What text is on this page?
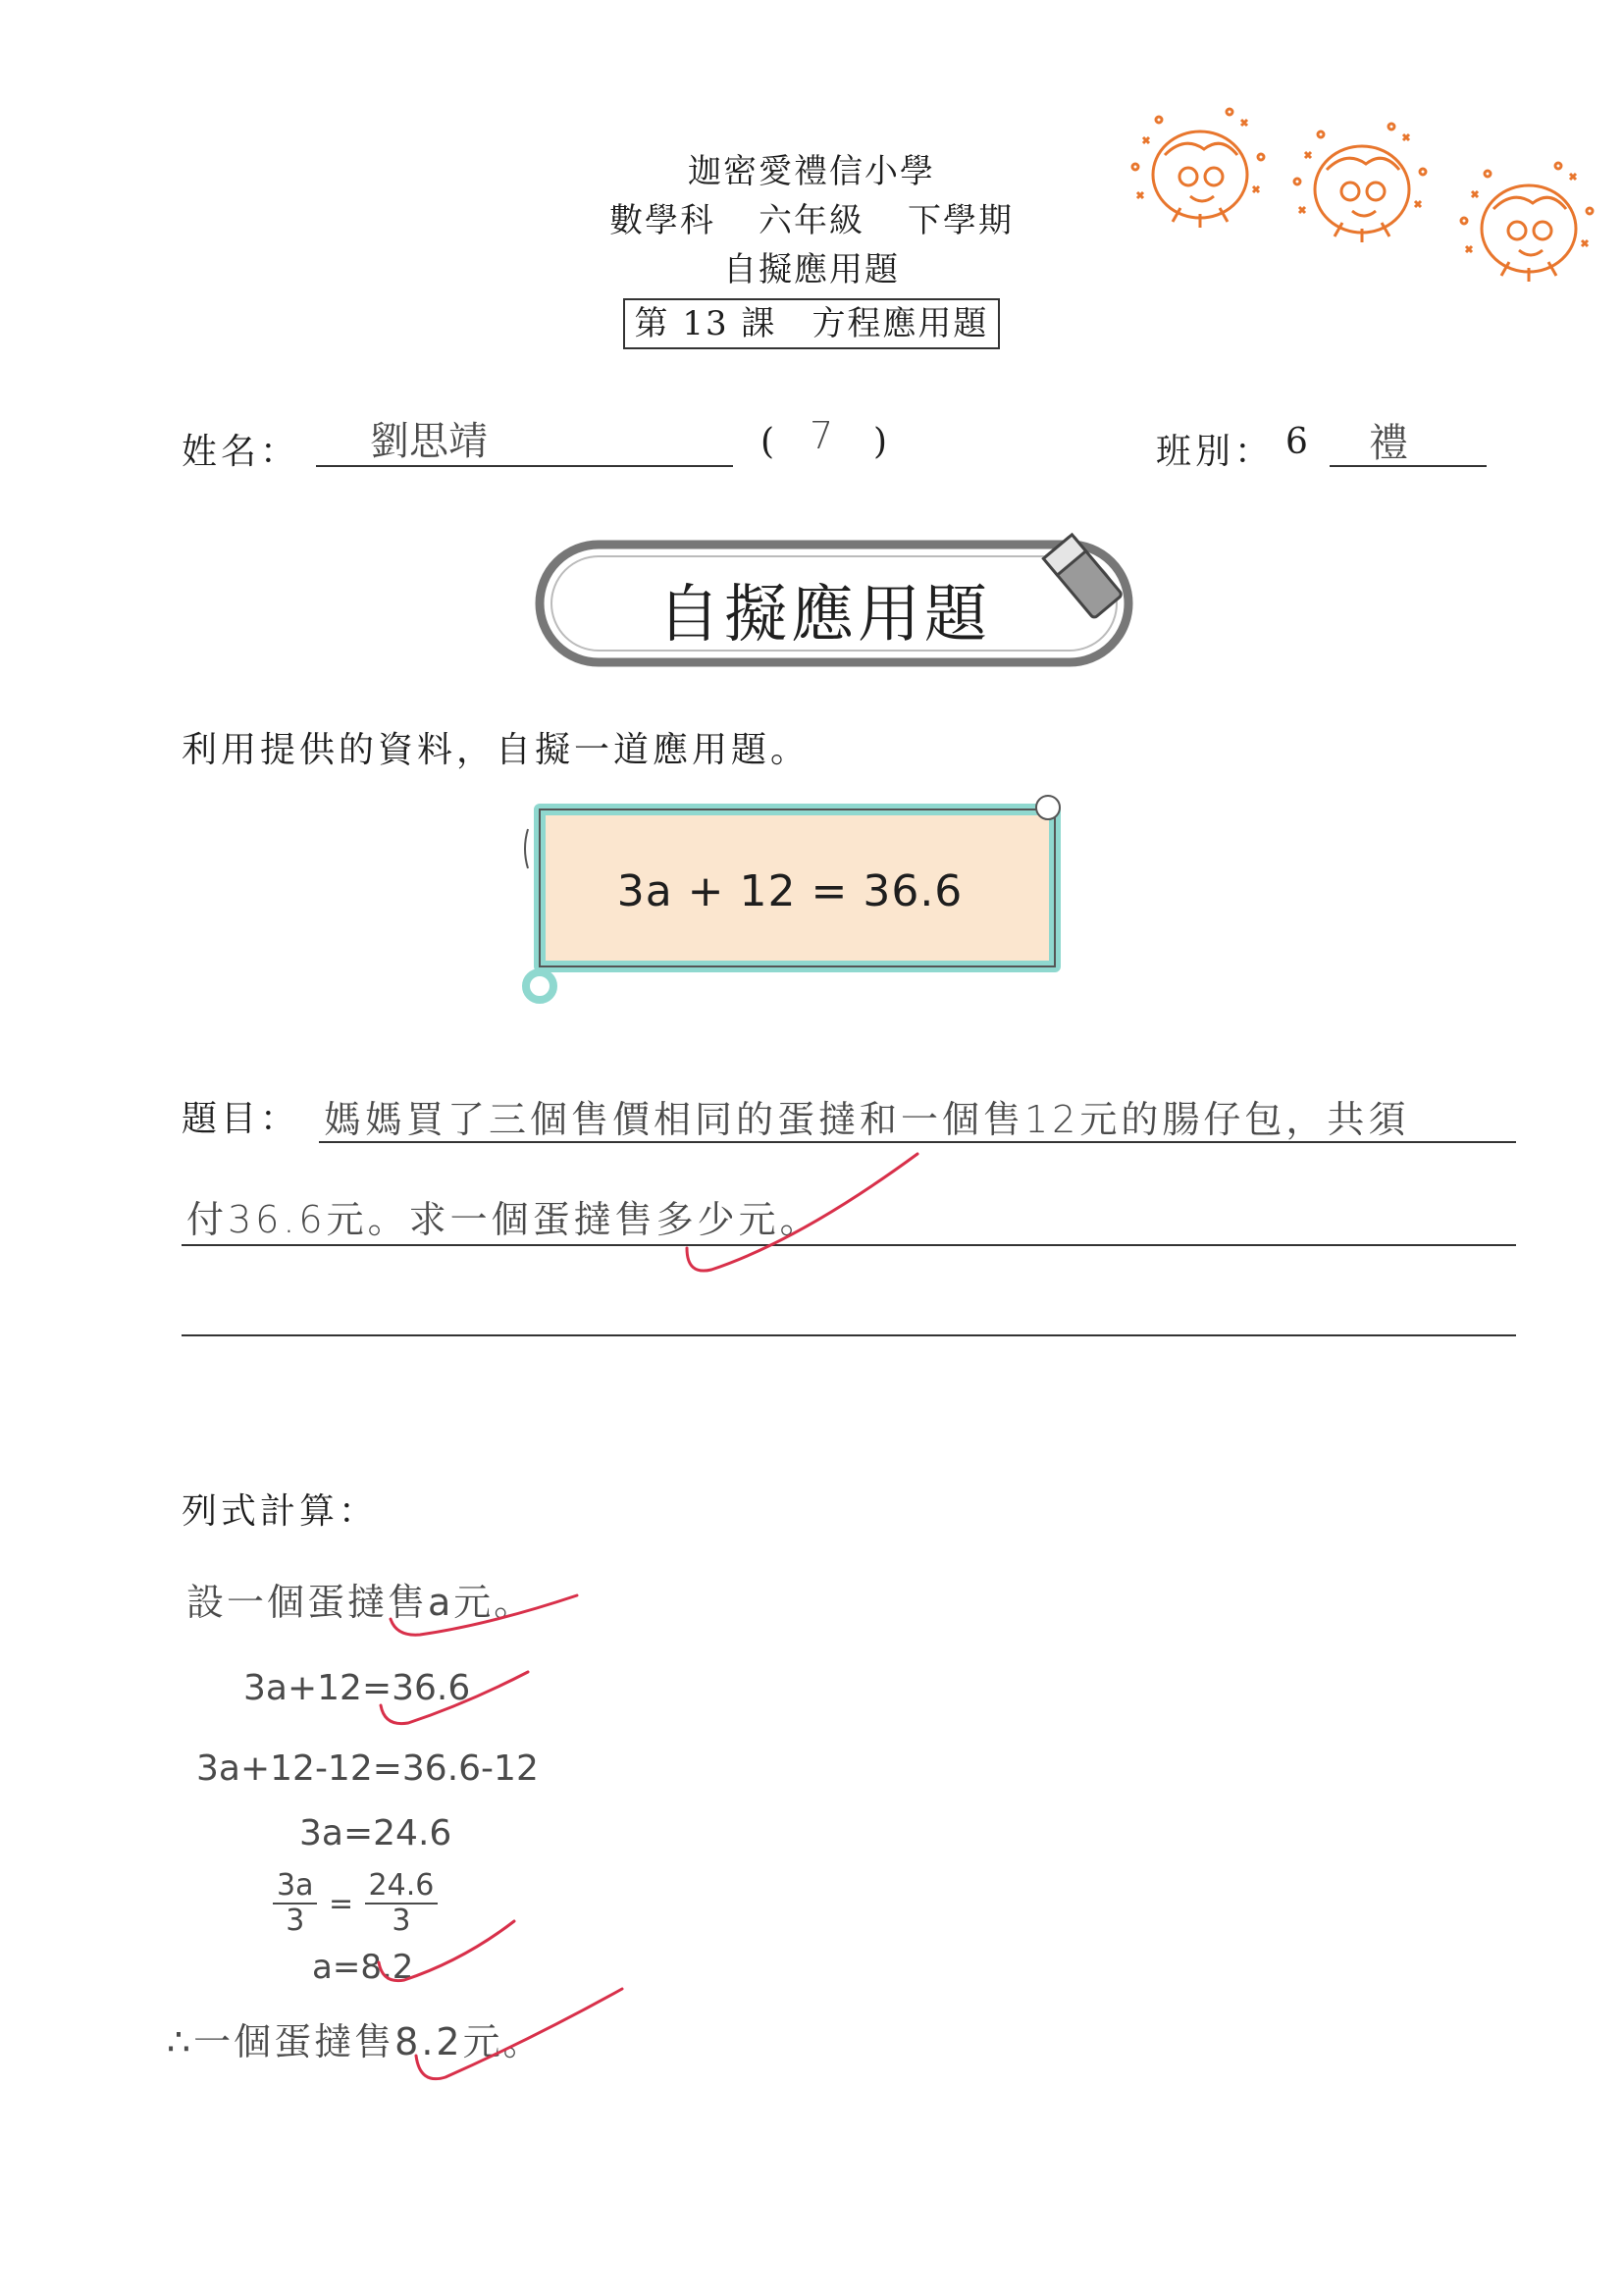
迦密愛禮信小學
數學科 六年級 下學期
自擬應用題
第 13 課 方程應用題
姓名： 劉思靖	( 7 )	班別： 6 禮
自擬應用題
利用提供的資料，自擬一道應用題。
3a + 12 = 36.6
題目： 媽媽買了三個售價相同的蛋撻和一個售12元的腸仔包，共須
付36.6元。求一個蛋撻售多少元。
列式計算：
設一個蛋撻售a元。
3a+12=36.6
3a+12-12=36.6-12
3a=24.6
$\frac{3a}{3} = \frac{24.6}{3}$
a=8.2
∴一個蛋撻售8.2元。
